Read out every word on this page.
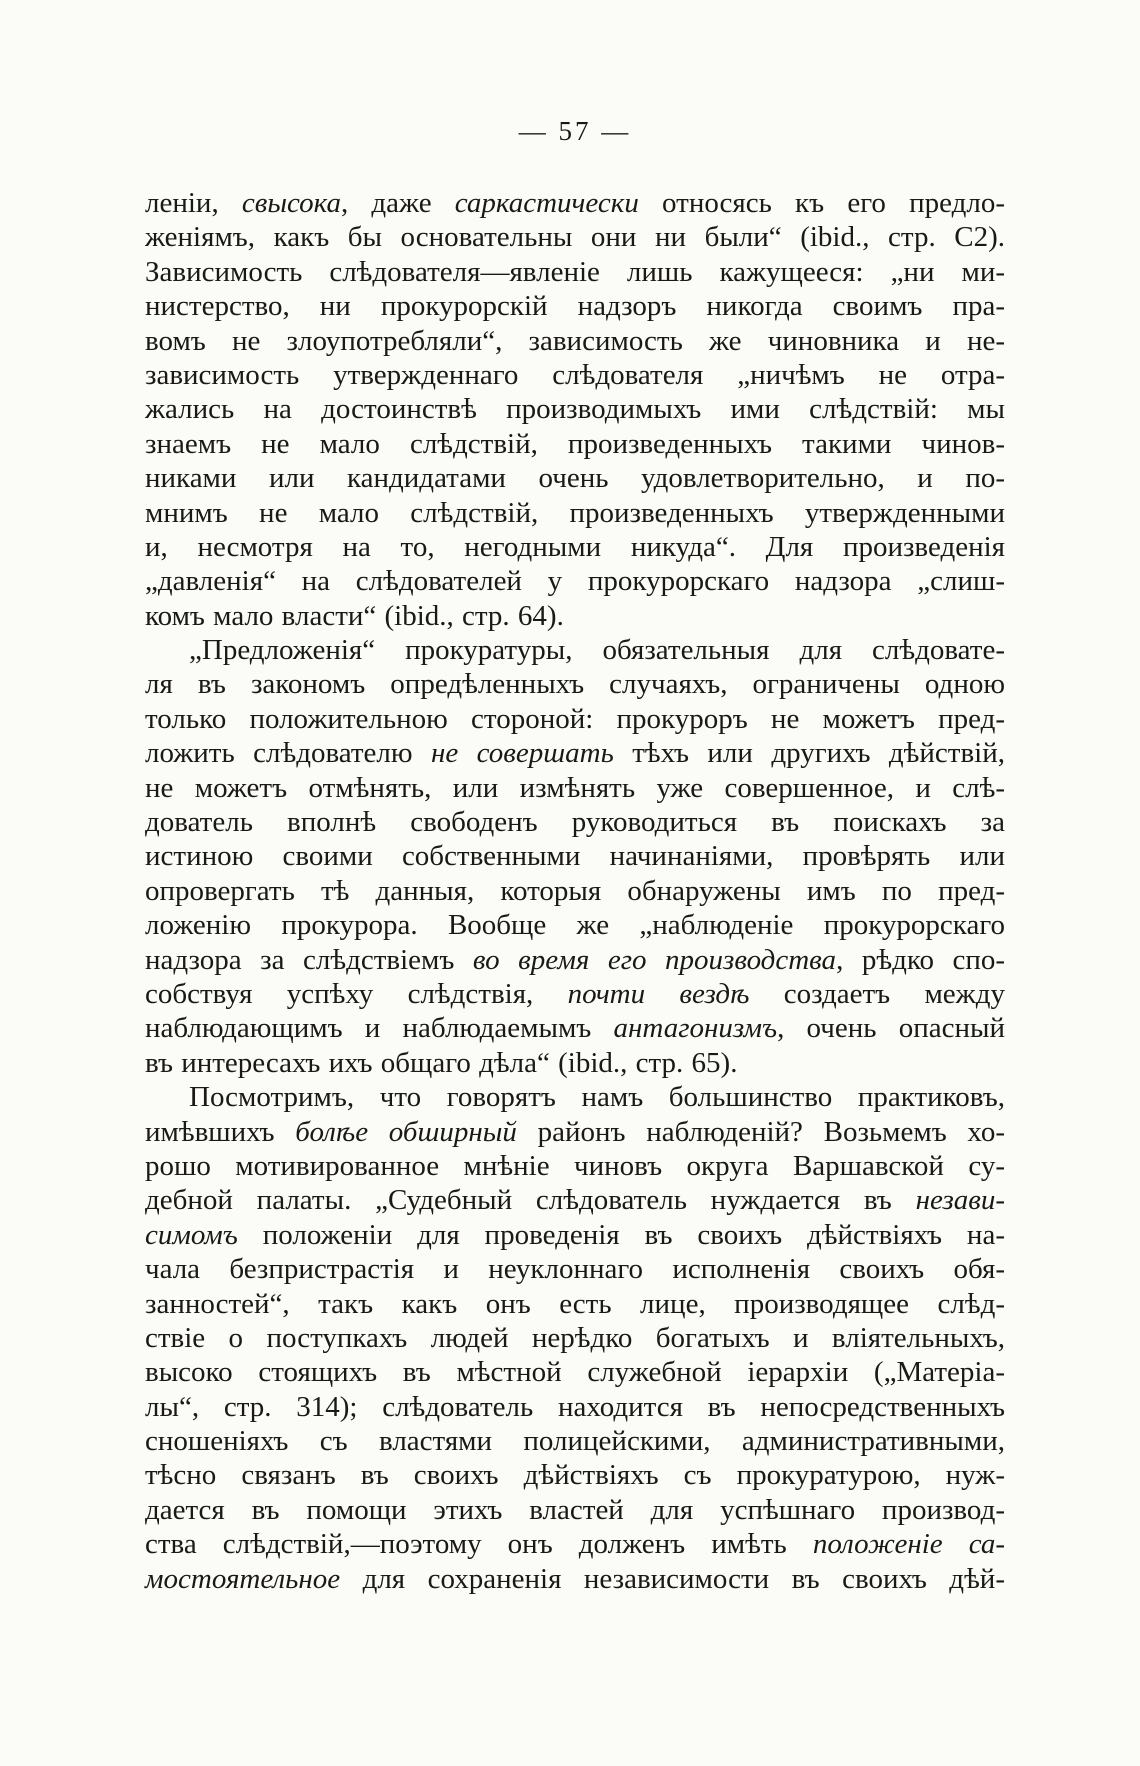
— 57 —
леніи, свысока, даже саркастически относясь къ его предло-
женіямъ, какъ бы основательны они ни были“ (ibid., стр. C2).
Зависимость слѣдователя—явленіе лишь кажущееся: „ни ми-
нистерство, ни прокурорскій надзоръ никогда своимъ пра-
вомъ не злоупотребляли“, зависимость же чиновника и не-
зависимость утвержденнаго слѣдователя „ничѣмъ не отра-
жались на достоинствѣ производимыхъ ими слѣдствій: мы
знаемъ не мало слѣдствій, произведенныхъ такими чинов-
никами или кандидатами очень удовлетворительно, и по-
мнимъ не мало слѣдствій, произведенныхъ утвержденными
и, несмотря на то, негодными никуда“. Для произведенія
„давленія“ на слѣдователей у прокурорскаго надзора „слиш-
комъ мало власти“ (ibid., стр. 64).
„Предложенія“ прокуратуры, обязательныя для слѣдовате-
ля въ закономъ опредѣленныхъ случаяхъ, ограничены одною
только положительною стороной: прокуроръ не можетъ пред-
ложить слѣдователю не совершать тѣхъ или другихъ дѣйствій,
не можетъ отмѣнять, или измѣнять уже совершенное, и слѣ-
дователь вполнѣ свободенъ руководиться въ поискахъ за
истиною своими собственными начинаніями, провѣрять или
опровергать тѣ данныя, которыя обнаружены имъ по пред-
ложенію прокурора. Вообще же „наблюденіе прокурорскаго
надзора за слѣдствіемъ во время его производства, рѣдко спо-
собствуя успѣху слѣдствія, почти вездѣ создаетъ между
наблюдающимъ и наблюдаемымъ антагонизмъ, очень опасный
въ интересахъ ихъ общаго дѣла“ (ibid., стр. 65).
Посмотримъ, что говорятъ намъ большинство практиковъ,
имѣвшихъ болѣе обширный районъ наблюденій? Возьмемъ хо-
рошо мотивированное мнѣніе чиновъ округа Варшавской су-
дебной палаты. „Судебный слѣдователь нуждается въ незави-
симомъ положеніи для проведенія въ своихъ дѣйствіяхъ на-
чала безпристрастія и неуклоннаго исполненія своихъ обя-
занностей“, такъ какъ онъ есть лице, производящее слѣд-
ствіе о поступкахъ людей нерѣдко богатыхъ и вліятельныхъ,
высоко стоящихъ въ мѣстной служебной іерархіи („Матеріа-
лы“, стр. 314); слѣдователь находится въ непосредственныхъ
сношеніяхъ съ властями полицейскими, административными,
тѣсно связанъ въ своихъ дѣйствіяхъ съ прокуратурою, нуж-
дается въ помощи этихъ властей для успѣшнаго производ-
ства слѣдствій,—поэтому онъ долженъ имѣть положеніе са-
мостоятельное для сохраненія независимости въ своихъ дѣй-
